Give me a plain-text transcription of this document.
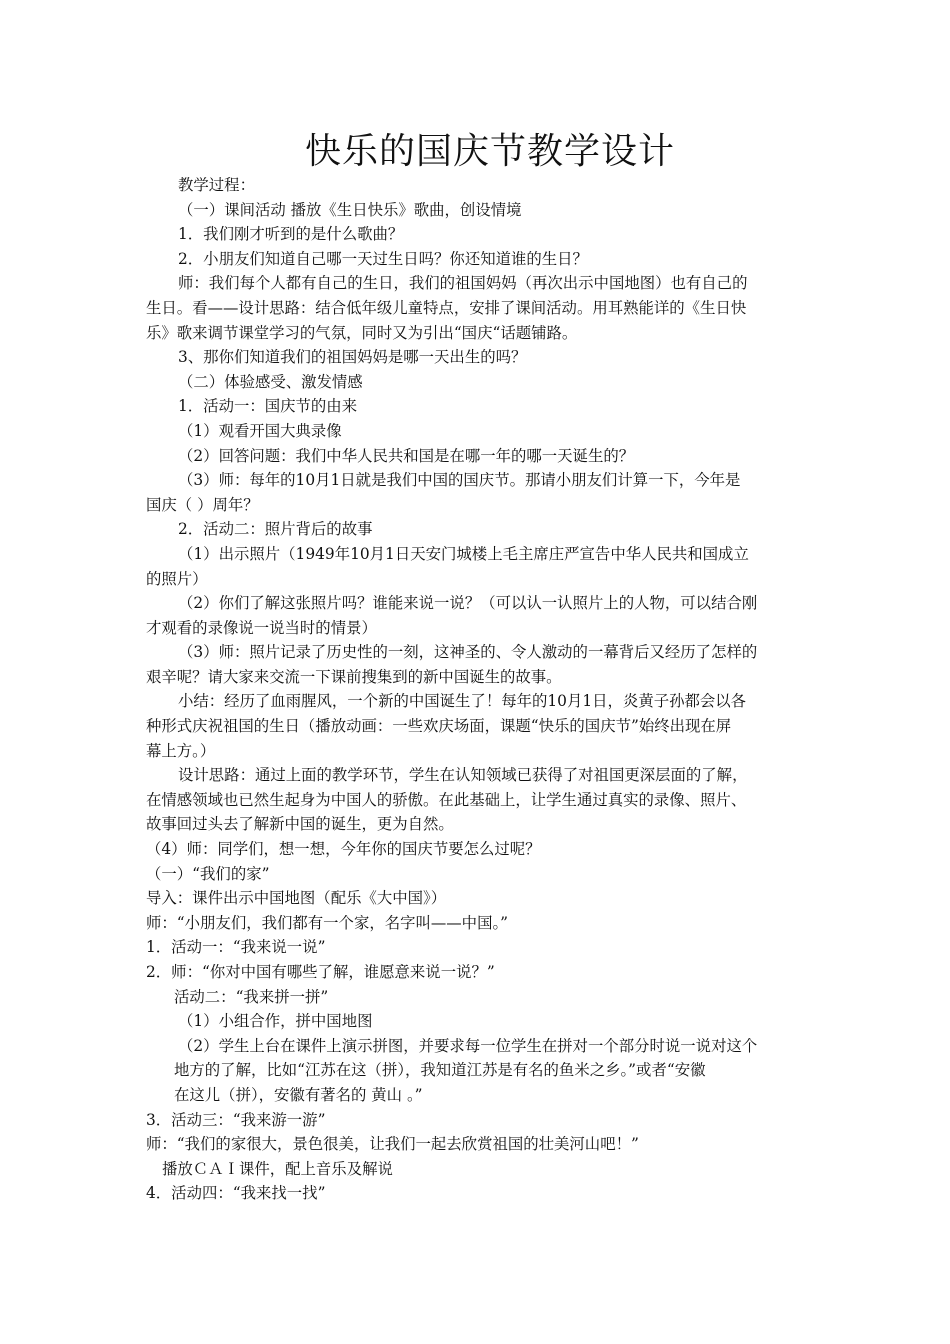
快乐的国庆节教学设计
教学过程：
（一）课间活动 播放《生日快乐》歌曲，创设情境
1．我们刚才听到的是什么歌曲？
2．小朋友们知道自己哪一天过生日吗？你还知道谁的生日？
师：我们每个人都有自己的生日，我们的祖国妈妈（再次出示中国地图）也有自己的
生日。看——设计思路：结合低年级儿童特点，安排了课间活动。用耳熟能详的《生日快
乐》歌来调节课堂学习的气氛，同时又为引出“国庆“话题铺路。
3、那你们知道我们的祖国妈妈是哪一天出生的吗？
（二）体验感受、激发情感
1．活动一：国庆节的由来
（1）观看开国大典录像
（2）回答问题：我们中华人民共和国是在哪一年的哪一天诞生的？
（3）师：每年的10月1日就是我们中国的国庆节。那请小朋友们计算一下，今年是
国庆（ ）周年？
2．活动二：照片背后的故事
（1）出示照片（1949年10月1日天安门城楼上毛主席庄严宣告中华人民共和国成立
的照片）
（2）你们了解这张照片吗？谁能来说一说？（可以认一认照片上的人物，可以结合刚
才观看的录像说一说当时的情景）
（3）师：照片记录了历史性的一刻，这神圣的、令人激动的一幕背后又经历了怎样的
艰辛呢？请大家来交流一下课前搜集到的新中国诞生的故事。
小结：经历了血雨腥风，一个新的中国诞生了！每年的10月1日，炎黄子孙都会以各
种形式庆祝祖国的生日（播放动画：一些欢庆场面，课题“快乐的国庆节”始终出现在屏
幕上方。）
设计思路：通过上面的教学环节，学生在认知领域已获得了对祖国更深层面的了解，
在情感领域也已然生起身为中国人的骄傲。在此基础上，让学生通过真实的录像、照片、
故事回过头去了解新中国的诞生，更为自然。
（4）师：同学们，想一想，今年你的国庆节要怎么过呢？
（一）“我们的家”
导入：课件出示中国地图（配乐《大中国》）
师：“小朋友们，我们都有一个家，名字叫——中国。”
1．活动一：“我来说一说”
2．师：“你对中国有哪些了解，谁愿意来说一说？”
活动二：“我来拼一拼”
（1）小组合作，拼中国地图
（2）学生上台在课件上演示拼图，并要求每一位学生在拼对一个部分时说一说对这个
地方的了解，比如“江苏在这（拼），我知道江苏是有名的鱼米之乡。”或者“安徽
在这儿（拼），安徽有著名的 黄山 。”
3．活动三：“我来游一游”
师：“我们的家很大，景色很美，让我们一起去欣赏祖国的壮美河山吧！”
播放ＣＡＩ课件，配上音乐及解说
4．活动四：“我来找一找”
